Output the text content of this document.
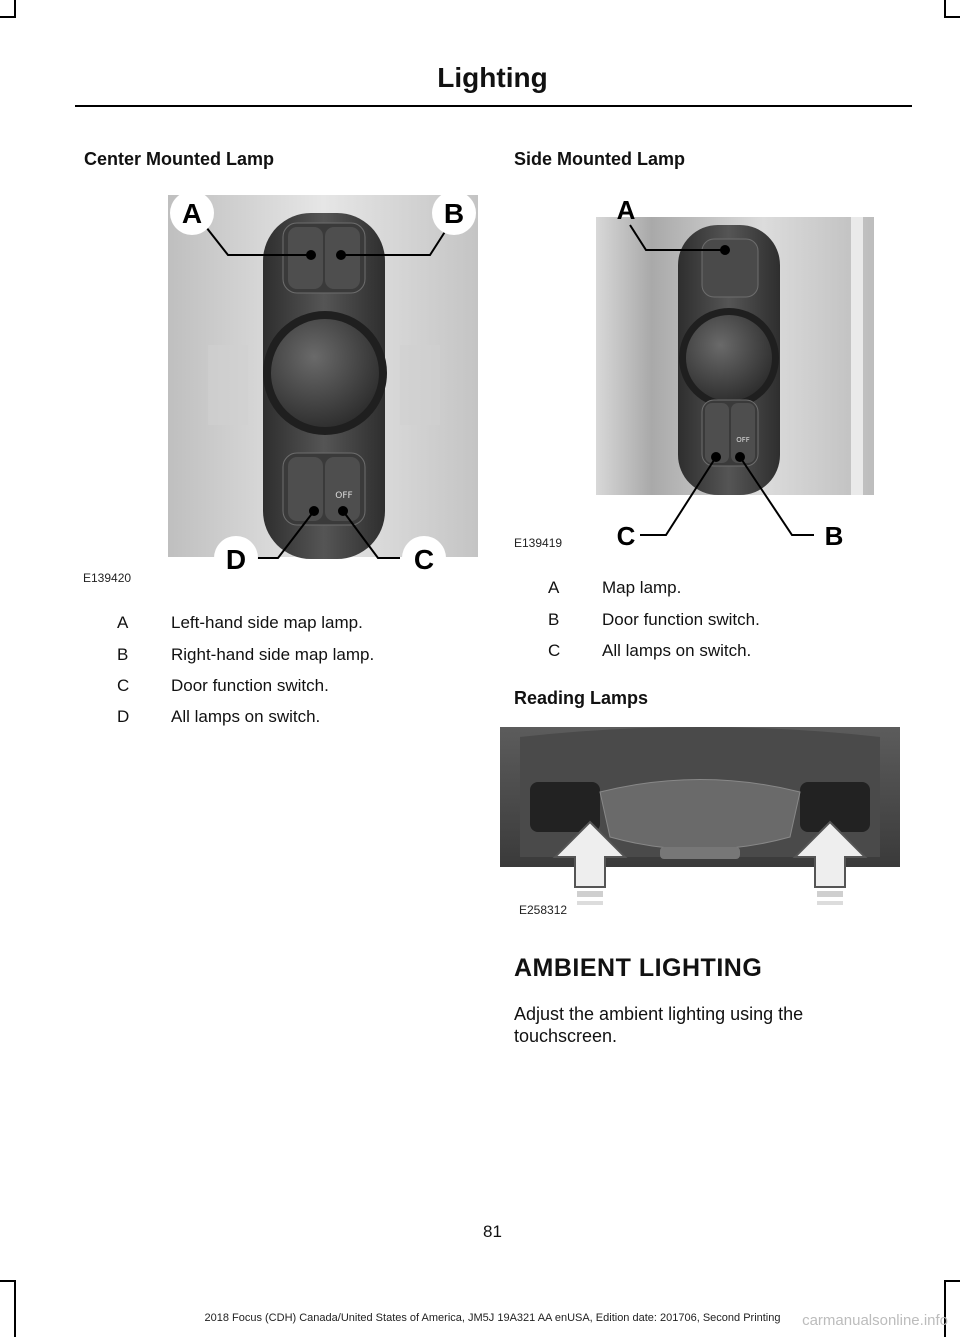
Lighting
Center Mounted Lamp
OFF
A	B
D	C
E139420
A	Left-hand side map lamp.
B	Right-hand side map lamp.
C Door function switch.
D All lamps on switch.
Side Mounted Lamp
OFF
A
C	B
E139419
A	Map lamp.
B	Door function switch.
C All lamps on switch.
Reading Lamps
E258312
AMBIENT LIGHTING
Adjust the ambient lighting using the touchscreen.
81
2018 Focus (CDH) Canada/United States of America, JM5J 19A321 AA enUSA, Edition date: 201706, Second Printing	carmanualsonline.info
